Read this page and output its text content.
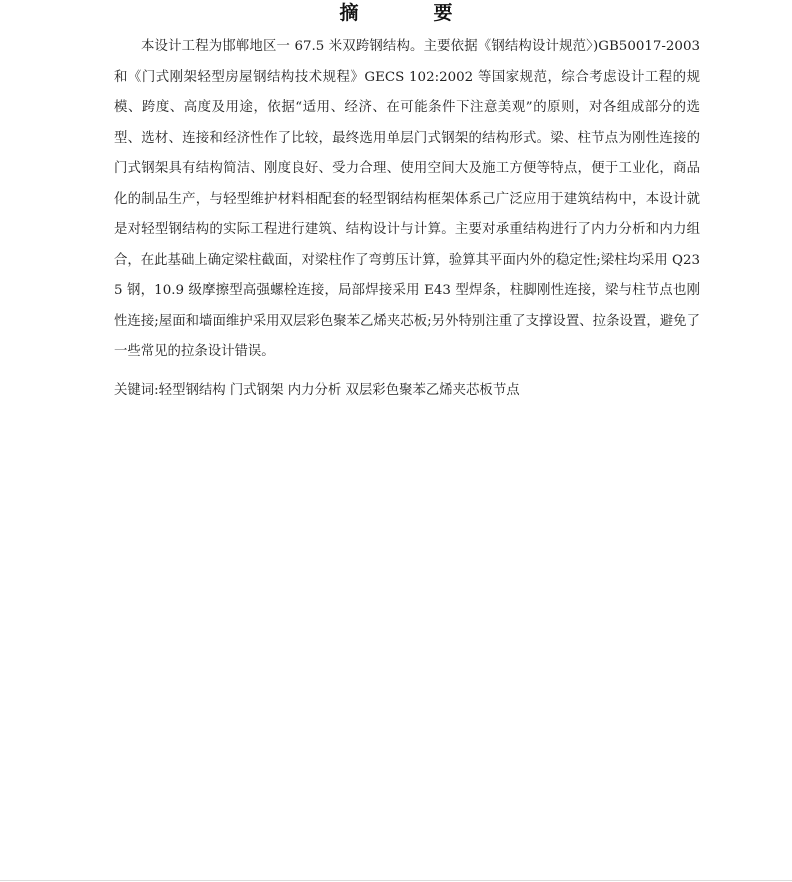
摘　要

本设计工程为邯郸地区一 67.5 米双跨钢结构。主要依据《钢结构设计规范〉)GB50017-2003 和《门式刚架轻型房屋钢结构技术规程》GECS 102:2002 等国家规范，综合考虑设计工程的规模、跨度、高度及用途，依据“适用、经济、在可能条件下注意美观”的原则，对各组成部分的选型、选材、连接和经济性作了比较，最终选用单层门式钢架的结构形式。梁、柱节点为刚性连接的门式钢架具有结构简洁、刚度良好、受力合理、使用空间大及施工方便等特点，便于工业化，商品化的制品生产，与轻型维护材料相配套的轻型钢结构框架体系己广泛应用于建筑结构中，本设计就是对轻型钢结构的实际工程进行建筑、结构设计与计算。主要对承重结构进行了内力分析和内力组合，在此基础上确定梁柱截面，对梁柱作了弯剪压计算，验算其平面内外的稳定性;梁柱均采用 Q235 钢，10.9 级摩擦型高强螺栓连接，局部焊接采用 E43 型焊条，柱脚刚性连接，梁与柱节点也刚性连接;屋面和墙面维护采用双层彩色聚苯乙烯夹芯板;另外特别注重了支撑设置、拉条设置，避免了一些常见的拉条设计错误。

关键词:轻型钢结构 门式钢架 内力分析 双层彩色聚苯乙烯夹芯板节点
